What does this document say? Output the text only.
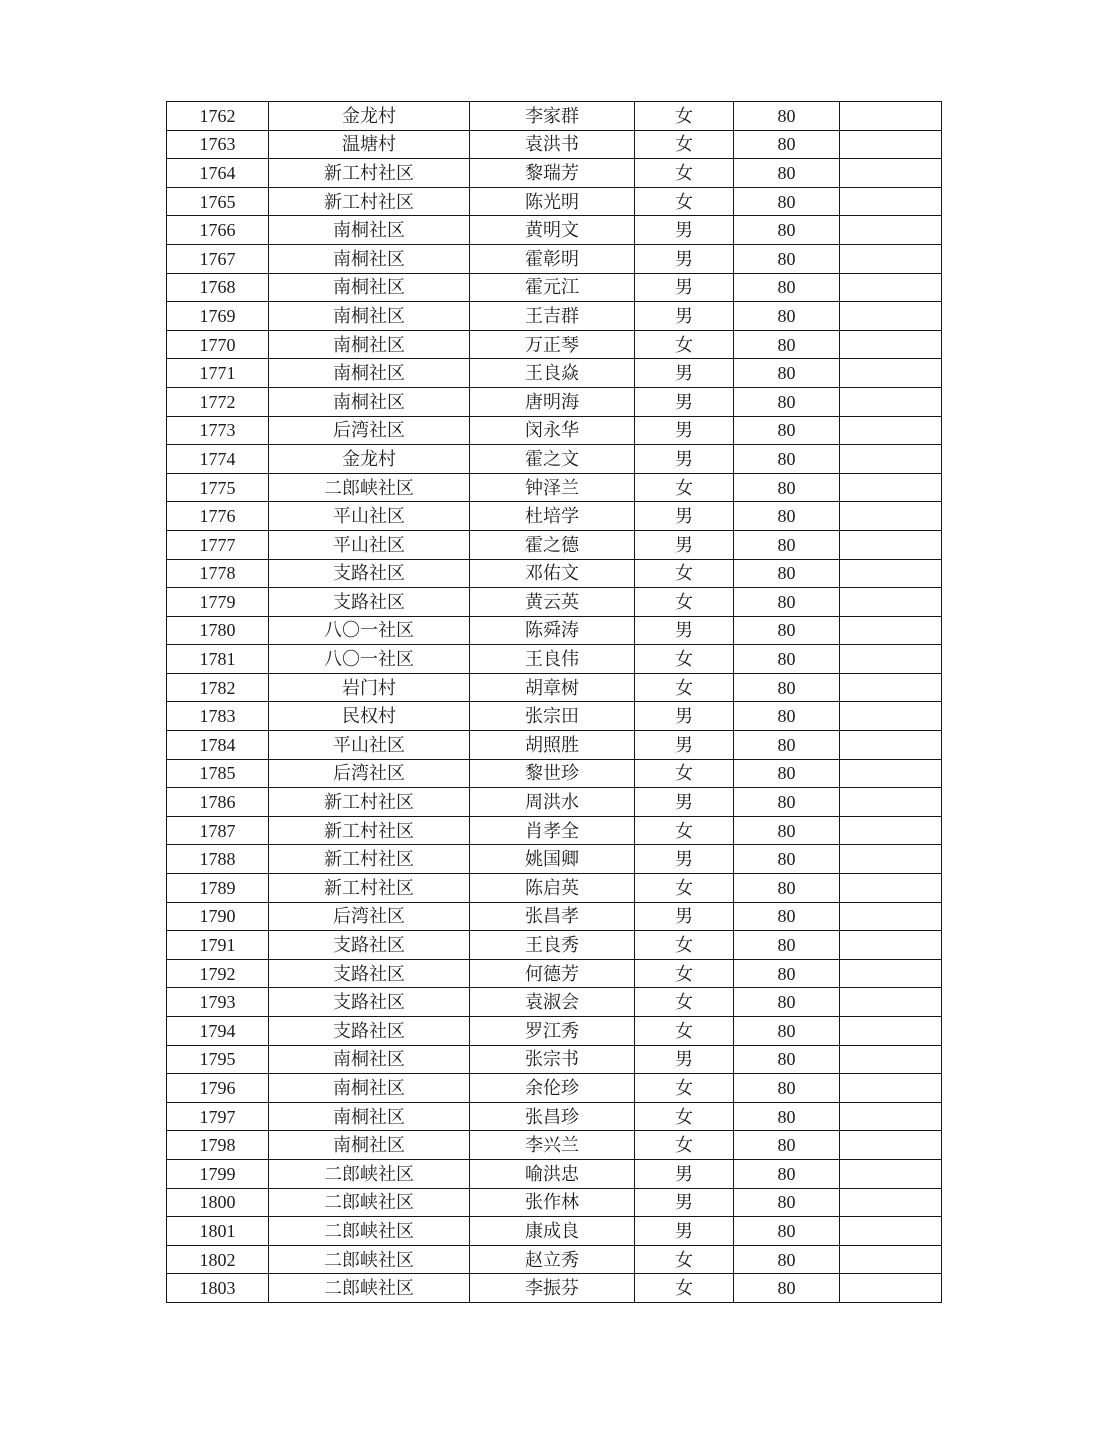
1762	金龙村	李家群	女	80	
1763	温塘村	袁洪书	女	80	
1764	新工村社区	黎瑞芳	女	80	
1765	新工村社区	陈光明	女	80	
1766	南桐社区	黄明文	男	80	
1767	南桐社区	霍彰明	男	80	
1768	南桐社区	霍元江	男	80	
1769	南桐社区	王吉群	男	80	
1770	南桐社区	万正琴	女	80	
1771	南桐社区	王良焱	男	80	
1772	南桐社区	唐明海	男	80	
1773	后湾社区	闵永华	男	80	
1774	金龙村	霍之文	男	80	
1775	二郎峡社区	钟泽兰	女	80	
1776	平山社区	杜培学	男	80	
1777	平山社区	霍之德	男	80	
1778	支路社区	邓佑文	女	80	
1779	支路社区	黄云英	女	80	
1780	八〇一社区	陈舜涛	男	80	
1781	八〇一社区	王良伟	女	80	
1782	岩门村	胡章树	女	80	
1783	民权村	张宗田	男	80	
1784	平山社区	胡照胜	男	80	
1785	后湾社区	黎世珍	女	80	
1786	新工村社区	周洪水	男	80	
1787	新工村社区	肖孝全	女	80	
1788	新工村社区	姚国卿	男	80	
1789	新工村社区	陈启英	女	80	
1790	后湾社区	张昌孝	男	80	
1791	支路社区	王良秀	女	80	
1792	支路社区	何德芳	女	80	
1793	支路社区	袁淑会	女	80	
1794	支路社区	罗江秀	女	80	
1795	南桐社区	张宗书	男	80	
1796	南桐社区	余伦珍	女	80	
1797	南桐社区	张昌珍	女	80	
1798	南桐社区	李兴兰	女	80	
1799	二郎峡社区	喻洪忠	男	80	
1800	二郎峡社区	张作林	男	80	
1801	二郎峡社区	康成良	男	80	
1802	二郎峡社区	赵立秀	女	80	
1803	二郎峡社区	李振芬	女	80	
